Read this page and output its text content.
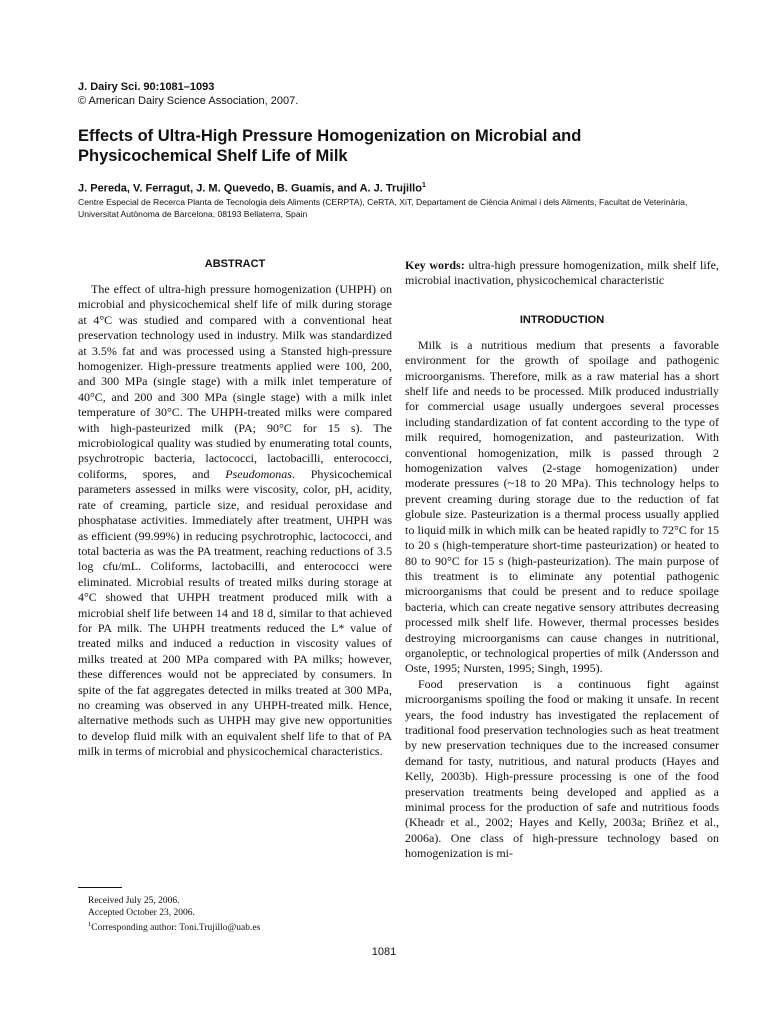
J. Dairy Sci. 90:1081–1093
© American Dairy Science Association, 2007.
Effects of Ultra-High Pressure Homogenization on Microbial and Physicochemical Shelf Life of Milk
J. Pereda, V. Ferragut, J. M. Quevedo, B. Guamis, and A. J. Trujillo$^1$
Centre Especial de Recerca Planta de Tecnologia dels Aliments (CERPTA), CeRTA, XiT, Departament de Ciència Animal i dels Aliments, Facultat de Veterinària, Universitat Autònoma de Barcelona, 08193 Bellaterra, Spain
ABSTRACT

The effect of ultra-high pressure homogenization (UHPH) on microbial and physicochemical shelf life of milk during storage at 4°C was studied and compared with a conventional heat preservation technology used in industry. Milk was standardized at 3.5% fat and was processed using a Stansted high-pressure homogenizer. High-pressure treatments applied were 100, 200, and 300 MPa (single stage) with a milk inlet temperature of 40°C, and 200 and 300 MPa (single stage) with a milk inlet temperature of 30°C. The UHPH-treated milks were compared with high-pasteurized milk (PA; 90°C for 15 s). The microbiological quality was studied by enumerating total counts, psychrotropic bacteria, lactococci, lactobacilli, enterococci, coliforms, spores, and Pseudomonas. Physicochemical parameters assessed in milks were viscosity, color, pH, acidity, rate of creaming, particle size, and residual peroxidase and phosphatase activities. Immediately after treatment, UHPH was as efficient (99.99%) in reducing psychrotrophic, lactococci, and total bacteria as was the PA treatment, reaching reductions of 3.5 log cfu/mL. Coliforms, lactobacilli, and enterococci were eliminated. Microbial results of treated milks during storage at 4°C showed that UHPH treatment produced milk with a microbial shelf life between 14 and 18 d, similar to that achieved for PA milk. The UHPH treatments reduced the L* value of treated milks and induced a reduction in viscosity values of milks treated at 200 MPa compared with PA milks; however, these differences would not be appreciated by consumers. In spite of the fat aggregates detected in milks treated at 300 MPa, no creaming was observed in any UHPH-treated milk. Hence, alternative methods such as UHPH may give new opportunities to develop fluid milk with an equivalent shelf life to that of PA milk in terms of microbial and physicochemical characteristics.

Key words: ultra-high pressure homogenization, milk shelf life, microbial inactivation, physicochemical characteristic

INTRODUCTION

Milk is a nutritious medium that presents a favorable environment for the growth of spoilage and pathogenic microorganisms. Therefore, milk as a raw material has a short shelf life and needs to be processed. Milk produced industrially for commercial usage usually undergoes several processes including standardization of fat content according to the type of milk required, homogenization, and pasteurization. With conventional homogenization, milk is passed through 2 homogenization valves (2-stage homogenization) under moderate pressures (~18 to 20 MPa). This technology helps to prevent creaming during storage due to the reduction of fat globule size. Pasteurization is a thermal process usually applied to liquid milk in which milk can be heated rapidly to 72°C for 15 to 20 s (high-temperature short-time pasteurization) or heated to 80 to 90°C for 15 s (high-pasteurization). The main purpose of this treatment is to eliminate any potential pathogenic microorganisms that could be present and to reduce spoilage bacteria, which can create negative sensory attributes decreasing processed milk shelf life. However, thermal processes besides destroying microorganisms can cause changes in nutritional, organoleptic, or technological properties of milk (Andersson and Oste, 1995; Nursten, 1995; Singh, 1995).

Food preservation is a continuous fight against microorganisms spoiling the food or making it unsafe. In recent years, the food industry has investigated the replacement of traditional food preservation technologies such as heat treatment by new preservation techniques due to the increased consumer demand for tasty, nutritious, and natural products (Hayes and Kelly, 2003b). High-pressure processing is one of the food preservation treatments being developed and applied as a minimal process for the production of safe and nutritious foods (Kheadr et al., 2002; Hayes and Kelly, 2003a; Briñez et al., 2006a). One class of high-pressure technology based on homogenization is mi-

Received July 25, 2006.
Accepted October 23, 2006.
$^1$Corresponding author: Toni.Trujillo@uab.es
1081
